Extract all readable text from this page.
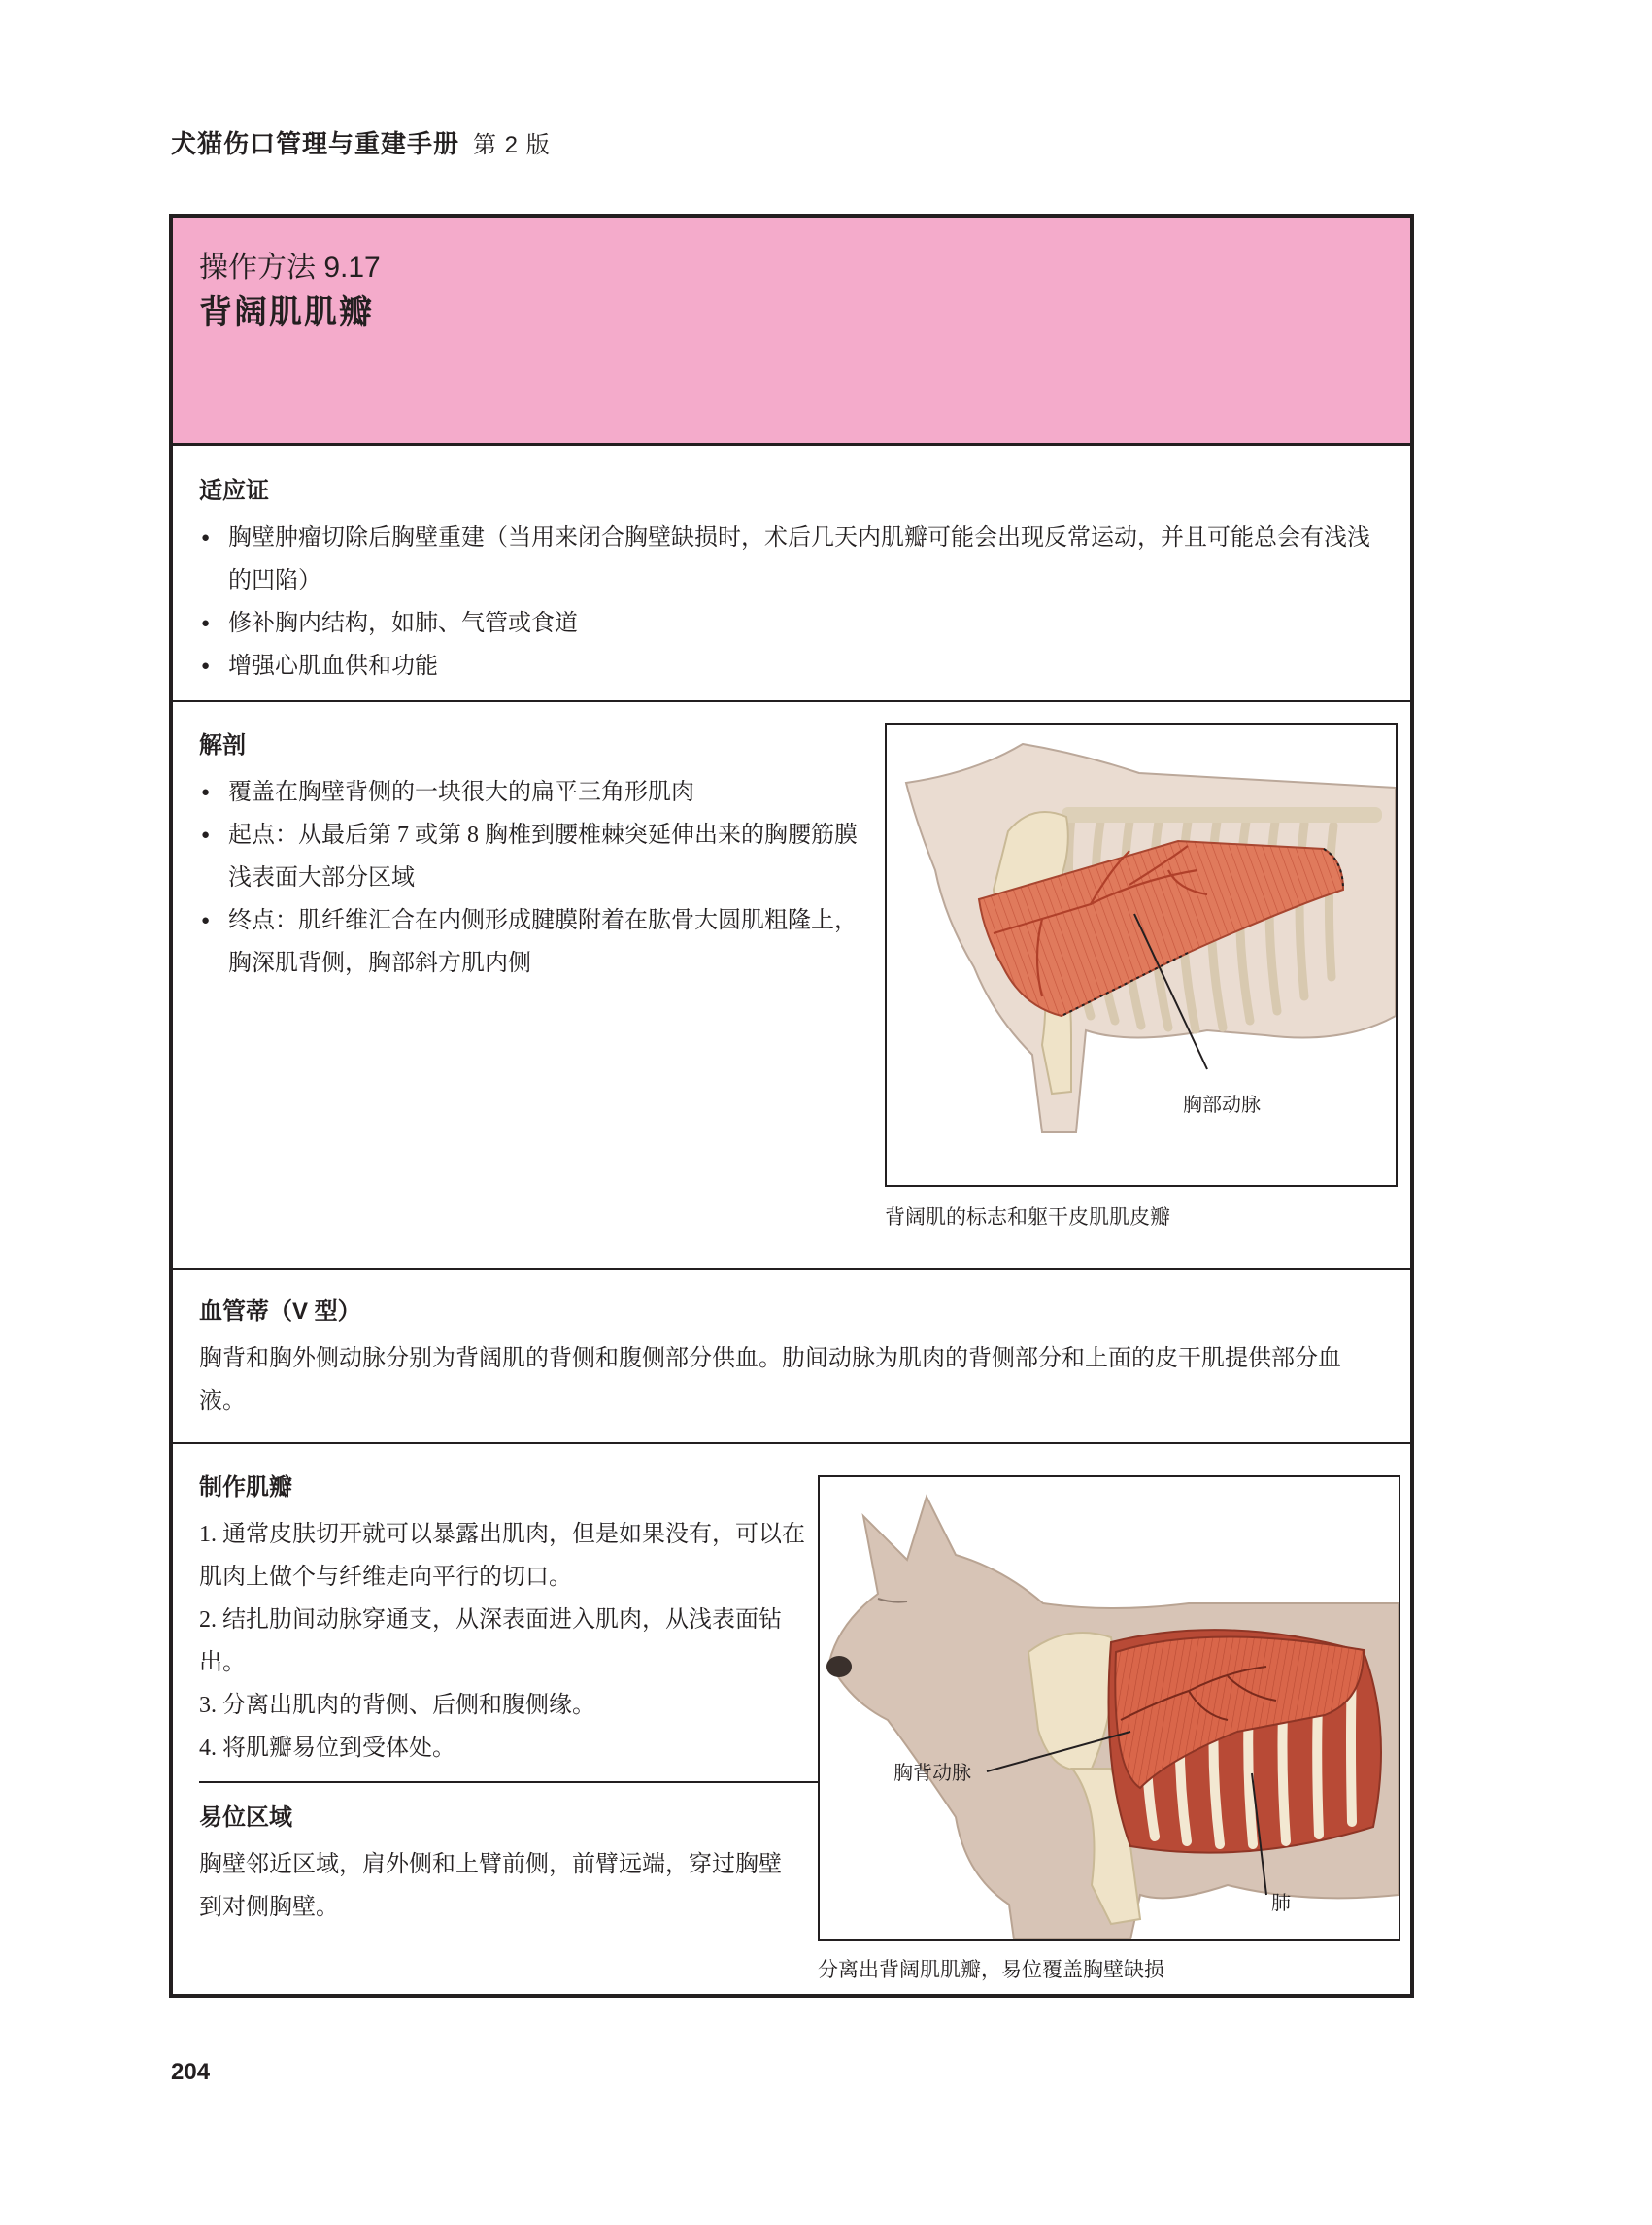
犬猫伤口管理与重建手册 第 2 版
操作方法 9.17
背阔肌肌瓣
适应证
● 胸壁肿瘤切除后胸壁重建（当用来闭合胸壁缺损时，术后几天内肌瓣可能会出现反常运动，并且可能总会有浅浅的凹陷）
● 修补胸内结构，如肺、气管或食道
● 增强心肌血供和功能
解剖
● 覆盖在胸壁背侧的一块很大的扁平三角形肌肉
● 起点：从最后第 7 或第 8 胸椎到腰椎棘突延伸出来的胸腰筋膜浅表面大部分区域
● 终点：肌纤维汇合在内侧形成腱膜附着在肱骨大圆肌粗隆上，胸深肌背侧，胸部斜方肌内侧
胸部动脉
背阔肌的标志和躯干皮肌肌皮瓣
血管蒂（V 型）
胸背和胸外侧动脉分别为背阔肌的背侧和腹侧部分供血。肋间动脉为肌肉的背侧部分和上面的皮干肌提供部分血液。
制作肌瓣

1. 通常皮肤切开就可以暴露出肌肉，但是如果没有，可以在肌肉上做个与纤维走向平行的切口。

2. 结扎肋间动脉穿通支，从深表面进入肌肉，从浅表面钻出。

3. 分离出肌肉的背侧、后侧和腹侧缘。

4. 将肌瓣易位到受体处。

易位区域
胸壁邻近区域，肩外侧和上臂前侧，前臂远端，穿过胸壁到对侧胸壁。
胸背动脉
肺
分离出背阔肌肌瓣，易位覆盖胸壁缺损
204
